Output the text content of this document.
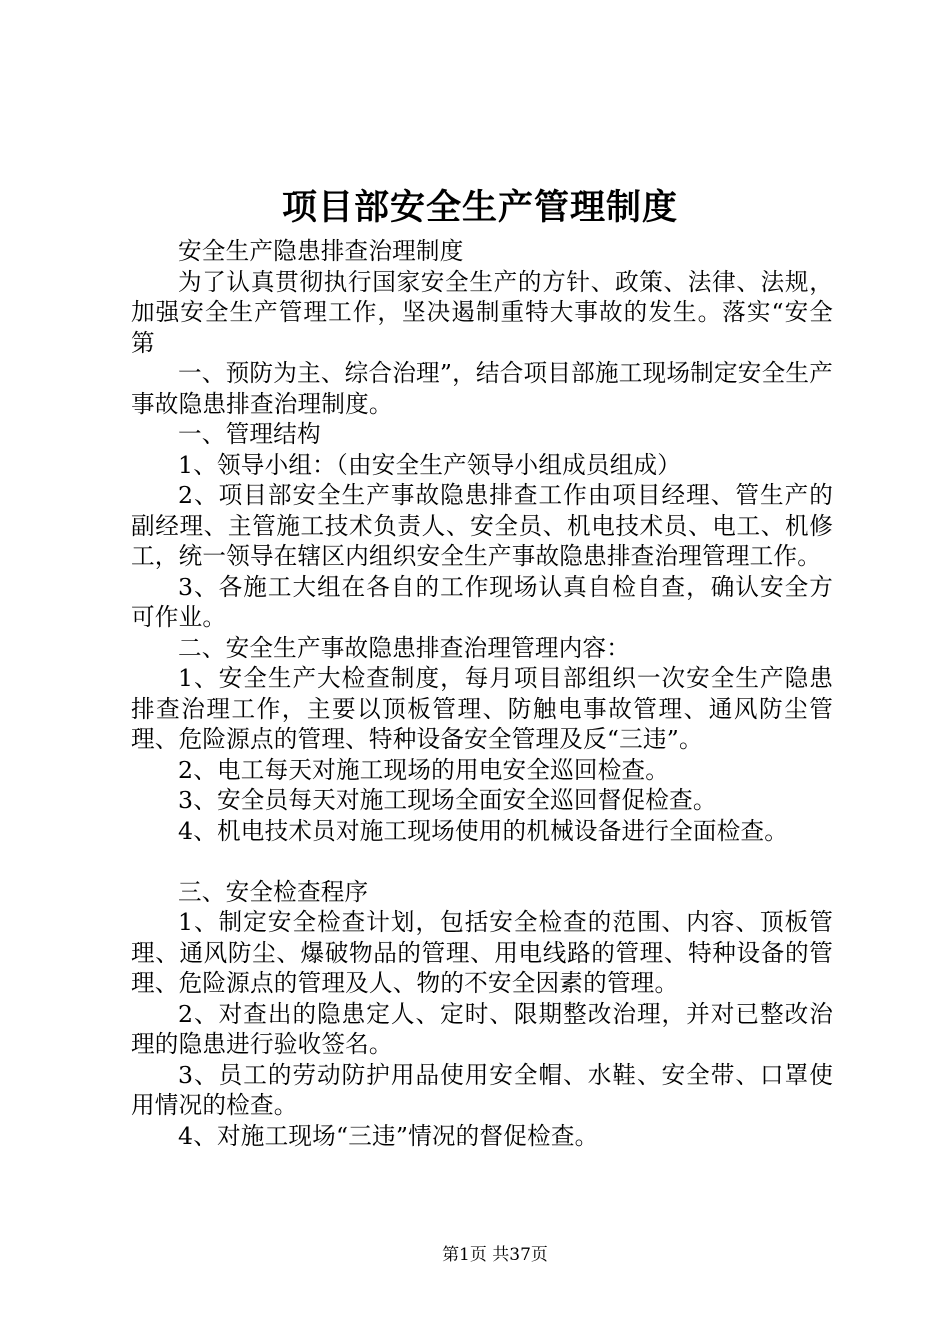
项目部安全生产管理制度

安全生产隐患排查治理制度

为了认真贯彻执行国家安全生产的方针、政策、法律、法规，加强安全生产管理工作，坚决遏制重特大事故的发生。落实“安全第

一、预防为主、综合治理”，结合项目部施工现场制定安全生产事故隐患排查治理制度。

一、管理结构

1、领导小组：（由安全生产领导小组成员组成）

2、项目部安全生产事故隐患排查工作由项目经理、管生产的副经理、主管施工技术负责人、安全员、机电技术员、电工、机修工，统一领导在辖区内组织安全生产事故隐患排查治理管理工作。

3、各施工大组在各自的工作现场认真自检自查，确认安全方可作业。

二、安全生产事故隐患排查治理管理内容：

1、安全生产大检查制度，每月项目部组织一次安全生产隐患排查治理工作，主要以顶板管理、防触电事故管理、通风防尘管理、危险源点的管理、特种设备安全管理及反“三违”。

2、电工每天对施工现场的用电安全巡回检查。

3、安全员每天对施工现场全面安全巡回督促检查。

4、机电技术员对施工现场使用的机械设备进行全面检查。

三、安全检查程序

1、制定安全检查计划，包括安全检查的范围、内容、顶板管理、通风防尘、爆破物品的管理、用电线路的管理、特种设备的管理、危险源点的管理及人、物的不安全因素的管理。

2、对查出的隐患定人、定时、限期整改治理，并对已整改治理的隐患进行验收签名。

3、员工的劳动防护用品使用安全帽、水鞋、安全带、口罩使用情况的检查。

4、对施工现场“三违”情况的督促检查。

第1页 共37页
